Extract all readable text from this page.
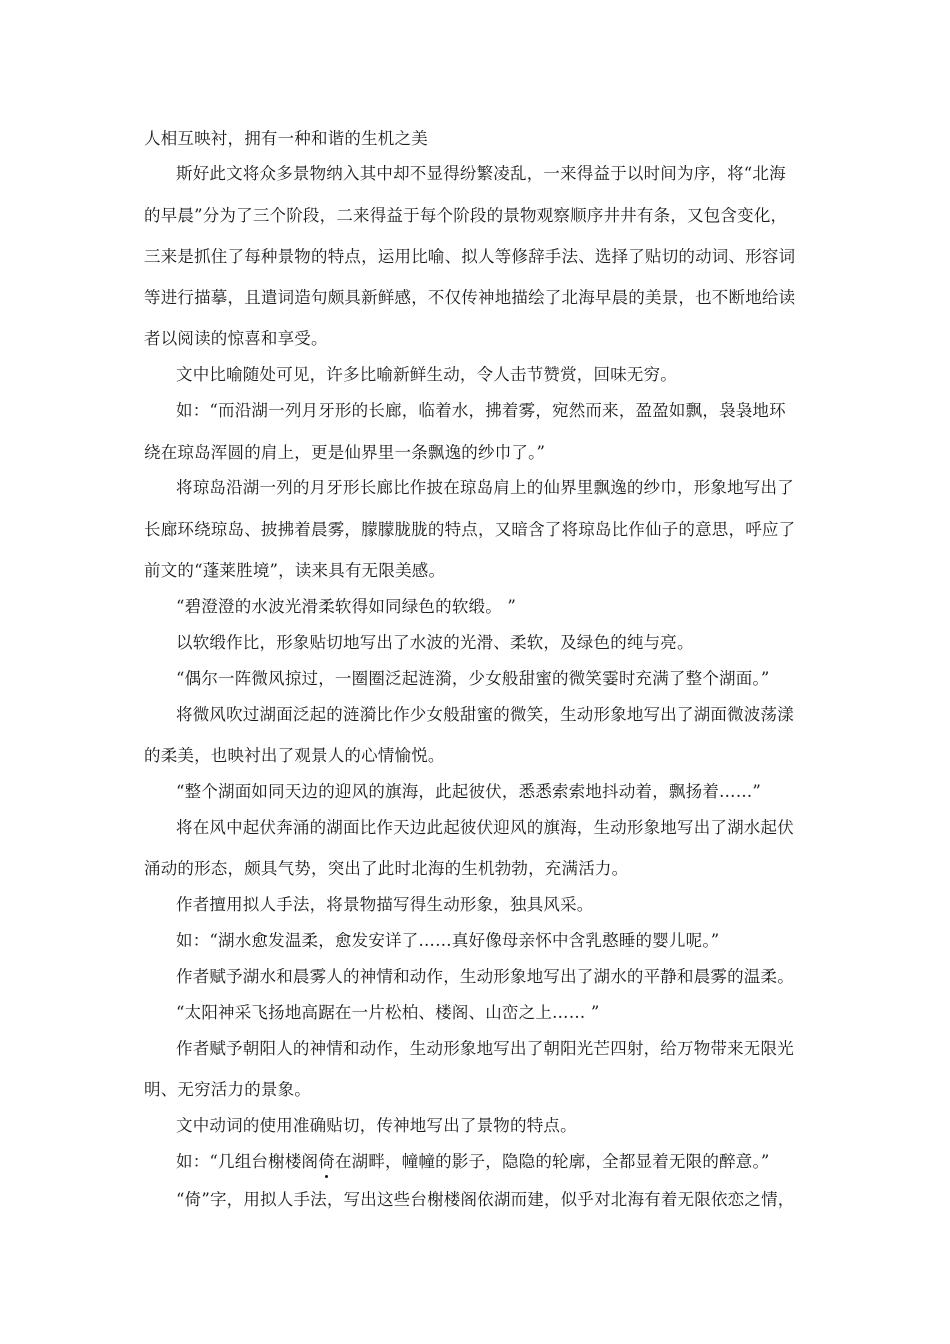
人相互映衬，拥有一种和谐的生机之美
斯好此文将众多景物纳入其中却不显得纷繁凌乱，一来得益于以时间为序，将“北海
的早晨”分为了三个阶段，二来得益于每个阶段的景物观察顺序井井有条，又包含变化，
三来是抓住了每种景物的特点，运用比喻、拟人等修辞手法、选择了贴切的动词、形容词
等进行描摹，且遣词造句颇具新鲜感，不仅传神地描绘了北海早晨的美景，也不断地给读
者以阅读的惊喜和享受。
文中比喻随处可见，许多比喻新鲜生动，令人击节赞赏，回味无穷。
如：“而沿湖一列月牙形的长廊，临着水，拂着雾，宛然而来，盈盈如飘，袅袅地环
绕在琼岛浑圆的肩上，更是仙界里一条飘逸的纱巾了。”
将琼岛沿湖一列的月牙形长廊比作披在琼岛肩上的仙界里飘逸的纱巾，形象地写出了
长廊环绕琼岛、披拂着晨雾，朦朦胧胧的特点，又暗含了将琼岛比作仙子的意思，呼应了
前文的“蓬莱胜境”，读来具有无限美感。
“碧澄澄的水波光滑柔软得如同绿色的软缎。 ”
以软缎作比，形象贴切地写出了水波的光滑、柔软，及绿色的纯与亮。
“偶尔一阵微风掠过，一圈圈泛起涟漪，少女般甜蜜的微笑霎时充满了整个湖面。”
将微风吹过湖面泛起的涟漪比作少女般甜蜜的微笑，生动形象地写出了湖面微波荡漾
的柔美，也映衬出了观景人的心情愉悦。
“整个湖面如同天边的迎风的旗海，此起彼伏，悉悉索索地抖动着，飘扬着……”
将在风中起伏奔涌的湖面比作天边此起彼伏迎风的旗海，生动形象地写出了湖水起伏
涌动的形态，颇具气势，突出了此时北海的生机勃勃，充满活力。
作者擅用拟人手法，将景物描写得生动形象，独具风采。
如：“湖水愈发温柔，愈发安详了……真好像母亲怀中含乳憨睡的婴儿呢。”
作者赋予湖水和晨雾人的神情和动作，生动形象地写出了湖水的平静和晨雾的温柔。
“太阳神采飞扬地高踞在一片松柏、楼阁、山峦之上…… ”
作者赋予朝阳人的神情和动作，生动形象地写出了朝阳光芒四射，给万物带来无限光
明、无穷活力的景象。
文中动词的使用准确贴切，传神地写出了景物的特点。
如：“几组台榭楼阁倚在湖畔，幢幢的影子，隐隐的轮廓，全都显着无限的醉意。”
“倚”字，用拟人手法，写出这些台榭楼阁依湖而建，似乎对北海有着无限依恋之情，
